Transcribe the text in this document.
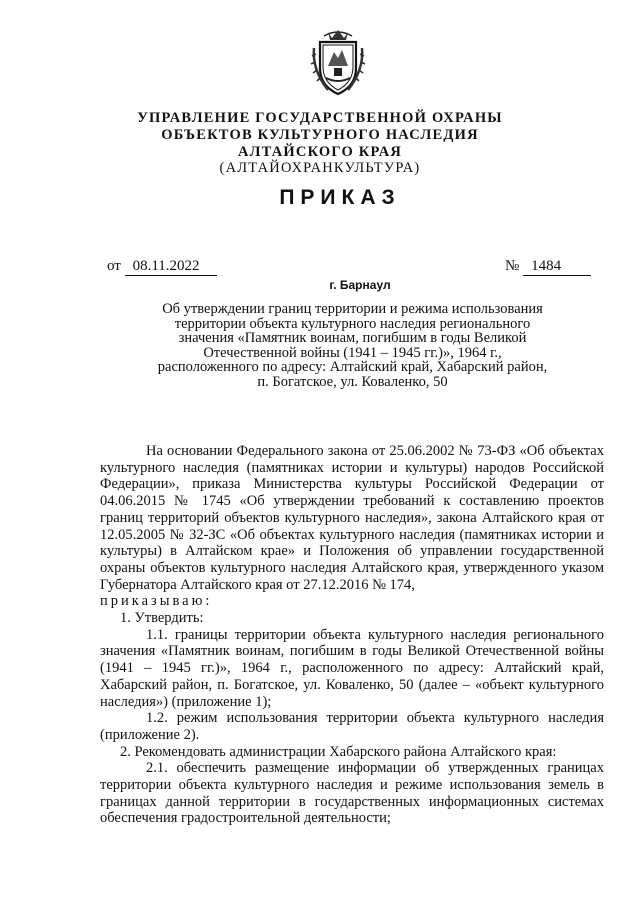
УПРАВЛЕНИЕ ГОСУДАРСТВЕННОЙ ОХРАНЫ
ОБЪЕКТОВ КУЛЬТУРНОГО НАСЛЕДИЯ
АЛТАЙСКОГО КРАЯ
(АЛТАЙОХРАНКУЛЬТУРА)
ПРИКАЗ
от 08.11.2022	№ 1484
г. Барнаул
Об утверждении границ территории и режима использования
территории объекта культурного наследия регионального
значения «Памятник воинам, погибшим в годы Великой
Отечественной войны (1941 – 1945 гг.)», 1964 г.,
расположенного по адресу: Алтайский край, Хабарский район,
п. Богатское, ул. Коваленко, 50

На основании Федерального закона от 25.06.2002 № 73-ФЗ «Об объектах культурного наследия (памятниках истории и культуры) народов Российской Федерации», приказа Министерства культуры Российской Федерации от 04.06.2015 № 1745 «Об утверждении требований к составлению проектов границ территорий объектов культурного наследия», закона Алтайского края от 12.05.2005 № 32-ЗС «Об объектах культурного наследия (памятниках истории и культуры) в Алтайском крае» и Положения об управлении государственной охраны объектов культурного наследия Алтайского края, утвержденного указом Губернатора Алтайского края от 27.12.2016 № 174,

приказываю:

1. Утвердить:

1.1. границы территории объекта культурного наследия регионального значения «Памятник воинам, погибшим в годы Великой Отечественной войны (1941 – 1945 гг.)», 1964 г., расположенного по адресу: Алтайский край, Хабарский район, п. Богатское, ул. Коваленко, 50 (далее – «объект культурного наследия») (приложение 1);

1.2. режим использования территории объекта культурного наследия (приложение 2).

2. Рекомендовать администрации Хабарского района Алтайского края:

2.1. обеспечить размещение информации об утвержденных границах территории объекта культурного наследия и режиме использования земель в границах данной территории в государственных информационных системах обеспечения градостроительной деятельности;
